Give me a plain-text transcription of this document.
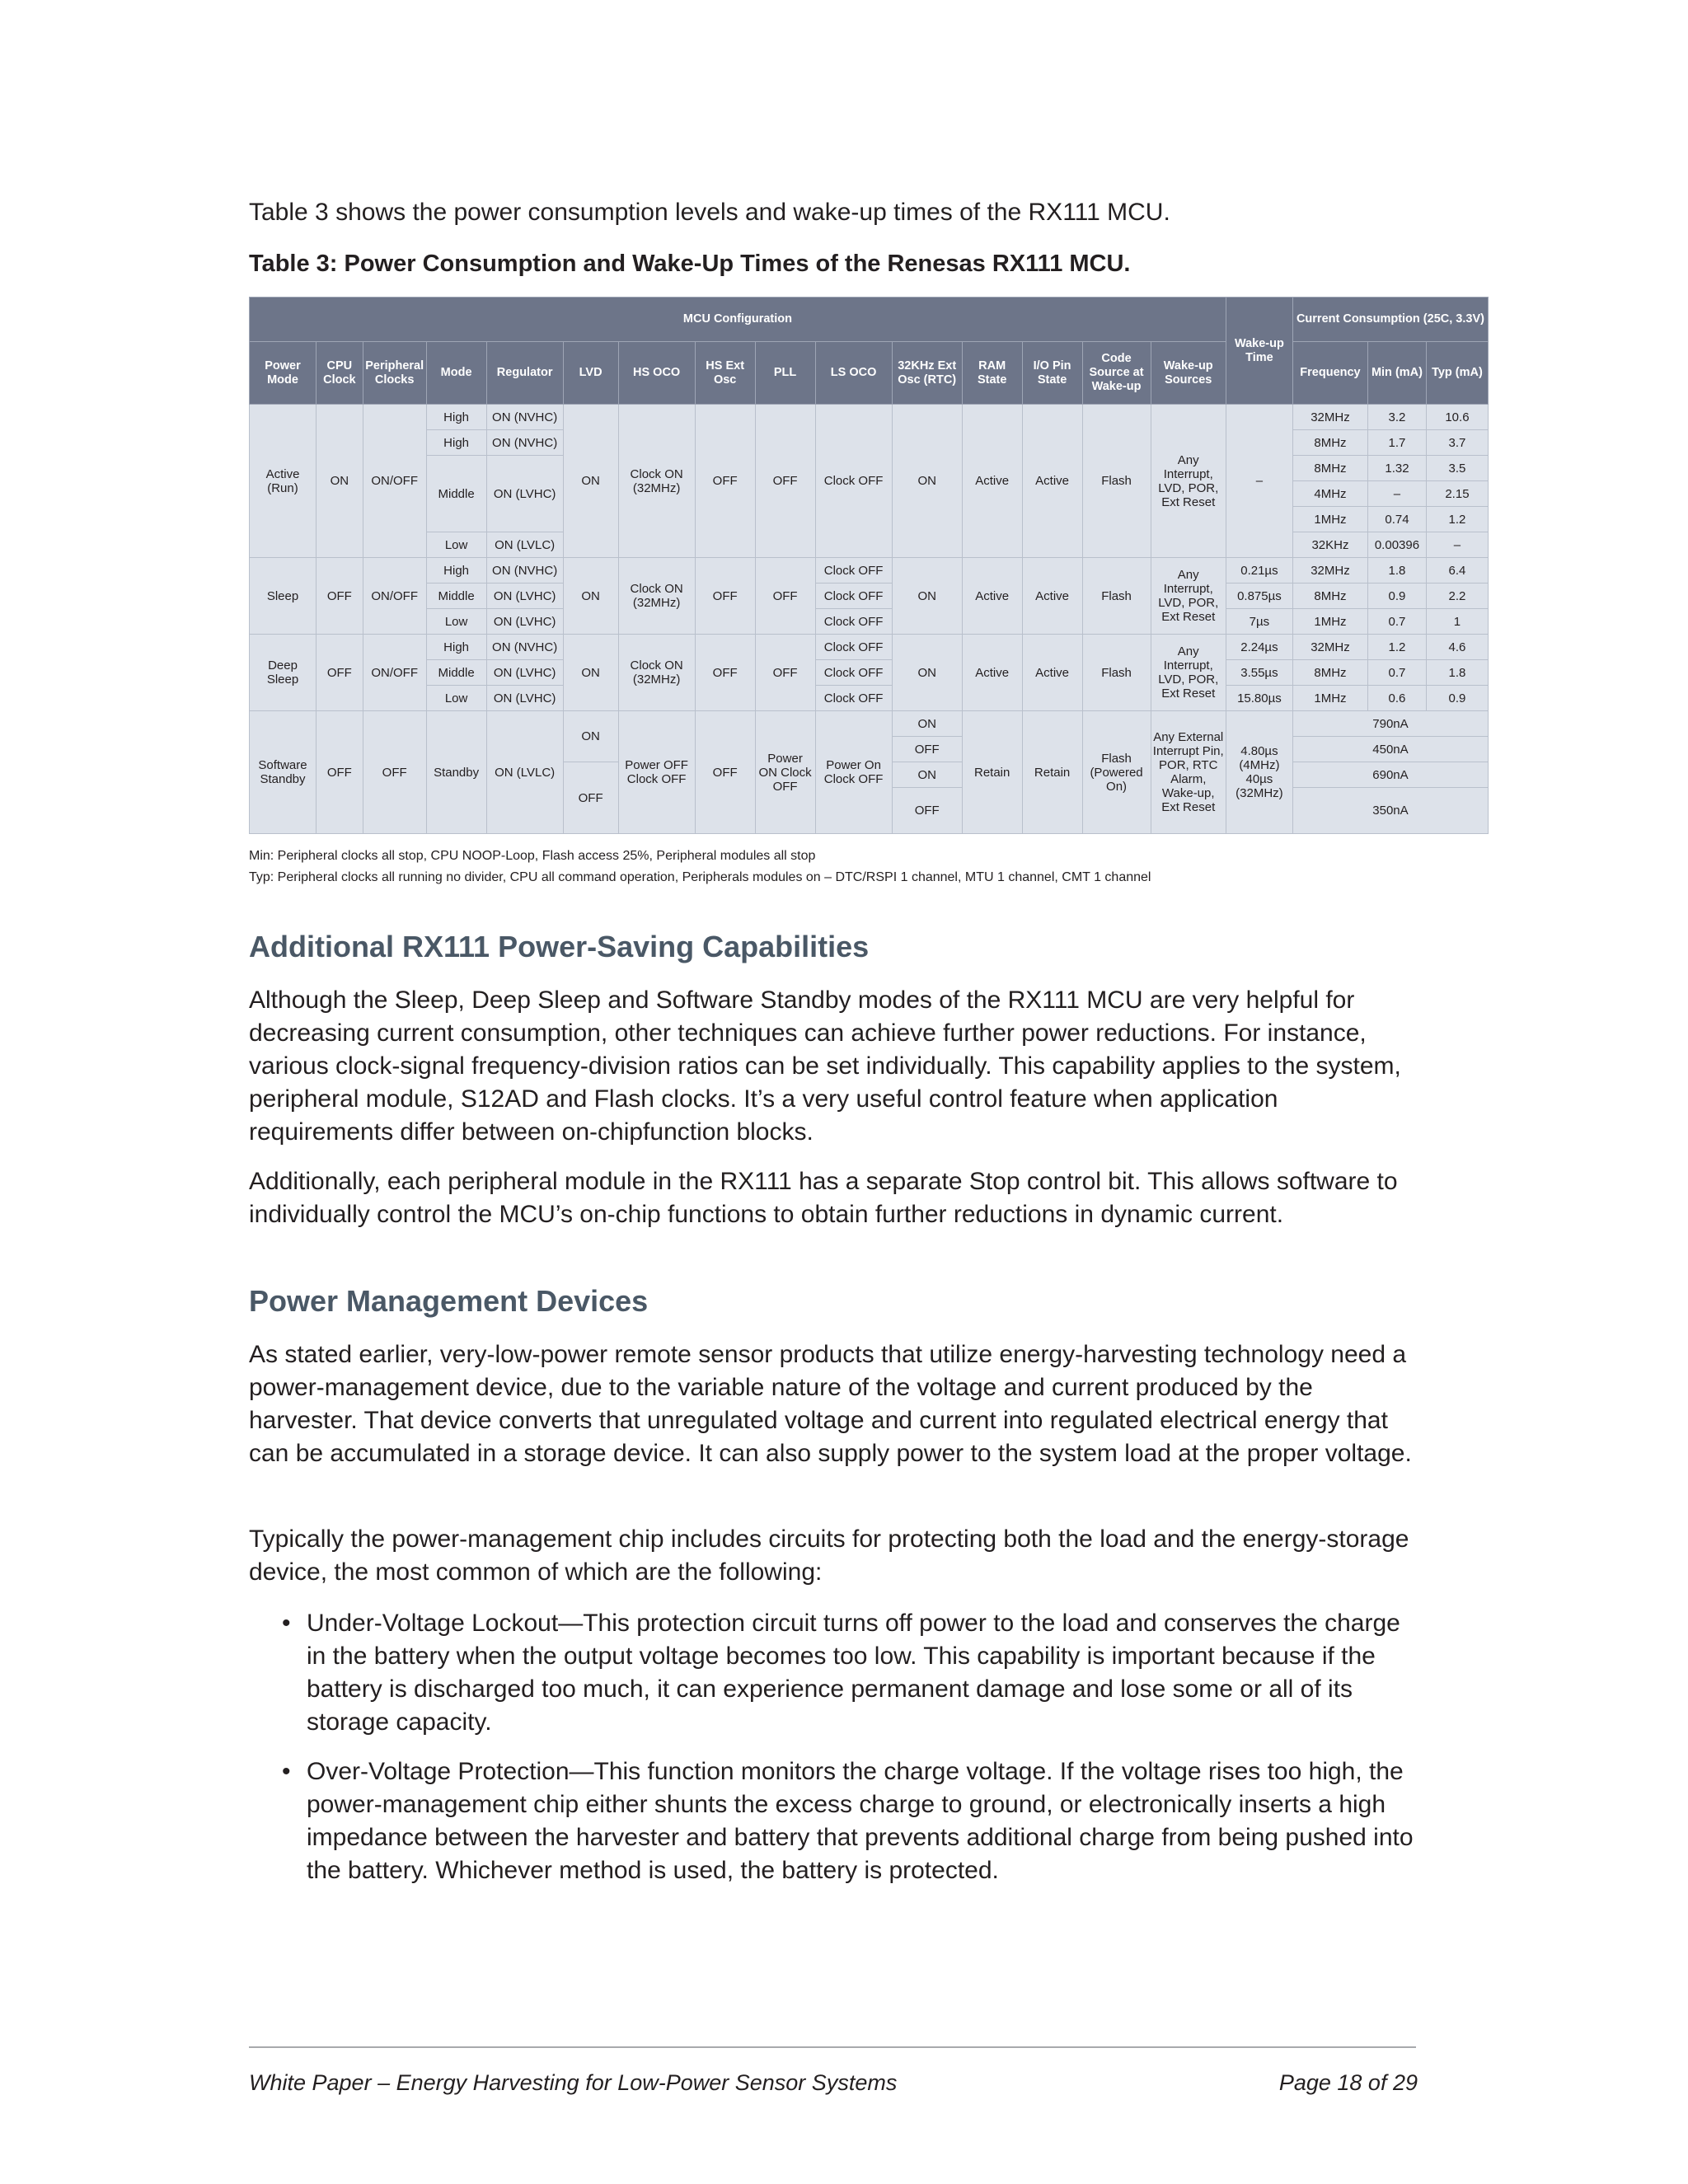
Table 3 shows the power consumption levels and wake-up times of the RX111 MCU.

Table 3: Power Consumption and Wake-Up Times of the Renesas RX111 MCU.

MCU Configuration															Wake-up Time	Current Consumption (25C, 3.3V)		
Power Mode	CPU Clock	Peripheral Clocks	Mode	Regulator	LVD	HS OCO	HS Ext Osc	PLL	LS OCO	32KHz Ext Osc (RTC)	RAM State	I/O Pin State	Code Source at Wake-up	Wake-up Sources		Frequency	Min (mA)	Typ (mA)
Active (Run)	ON	ON/OFF	High	ON (NVHC)	ON	Clock ON (32MHz)	OFF	OFF	Clock OFF	ON	Active	Active	Flash	Any Interrupt, LVD, POR, Ext Reset	–	32MHz	3.2	10.6
			High	ON (NVHC)												8MHz	1.7	3.7
			Middle	ON (LVHC)												8MHz	1.32	3.5
																4MHz	–	2.15
																1MHz	0.74	1.2
			Low	ON (LVLC)												32KHz	0.00396	–
Sleep	OFF	ON/OFF	High	ON (NVHC)	ON	Clock ON (32MHz)	OFF	OFF	Clock OFF	ON	Active	Active	Flash	Any Interrupt, LVD, POR, Ext Reset	0.21µs	32MHz	1.8	6.4
			Middle	ON (LVHC)					Clock OFF						0.875µs	8MHz	0.9	2.2
			Low	ON (LVHC)					Clock OFF						7µs	1MHz	0.7	1
Deep Sleep	OFF	ON/OFF	High	ON (NVHC)	ON	Clock ON (32MHz)	OFF	OFF	Clock OFF	ON	Active	Active	Flash	Any Interrupt, LVD, POR, Ext Reset	2.24µs	32MHz	1.2	4.6
			Middle	ON (LVHC)					Clock OFF						3.55µs	8MHz	0.7	1.8
			Low	ON (LVHC)					Clock OFF						15.80µs	1MHz	0.6	0.9
Software Standby	OFF	OFF	Standby	ON (LVLC)	ON	Power OFF Clock OFF	OFF	Power ON Clock OFF	Power On Clock OFF	ON	Retain	Retain	Flash (Powered On)	Any External Interrupt Pin, POR, RTC Alarm, Wake-up, Ext Reset	4.80µs (4MHz) 40µs (32MHz)	790nA		
										OFF						450nA		
					OFF					ON						690nA		
										OFF						350nA		
Min: Peripheral clocks all stop, CPU NOOP-Loop, Flash access 25%, Peripheral modules all stop
Typ: Peripheral clocks all running no divider, CPU all command operation, Peripherals modules on – DTC/RSPI 1 channel, MTU 1 channel, CMT 1 channel
Additional RX111 Power-Saving Capabilities

Although the Sleep, Deep Sleep and Software Standby modes of the RX111 MCU are very helpful for decreasing current consumption, other techniques can achieve further power reductions. For instance, various clock-signal frequency-division ratios can be set individually. This capability applies to the system, peripheral module, S12AD and Flash clocks. It’s a very useful control feature when application requirements differ between on-chipfunction blocks.

Additionally, each peripheral module in the RX111 has a separate Stop control bit. This allows software to individually control the MCU’s on-chip functions to obtain further reductions in dynamic current.

Power Management Devices

As stated earlier, very-low-power remote sensor products that utilize energy-harvesting technology need a power-management device, due to the variable nature of the voltage and current produced by the harvester. That device converts that unregulated voltage and current into regulated electrical energy that can be accumulated in a storage device. It can also supply power to the system load at the proper voltage.

Typically the power-management chip includes circuits for protecting both the load and the energy-storage device, the most common of which are the following:

• Under-Voltage Lockout—This protection circuit turns off power to the load and conserves the charge in the battery when the output voltage becomes too low. This capability is important because if the battery is discharged too much, it can experience permanent damage and lose some or all of its storage capacity.
• Over-Voltage Protection—This function monitors the charge voltage. If the voltage rises too high, the power-management chip either shunts the excess charge to ground, or electronically inserts a high impedance between the harvester and battery that prevents additional charge from being pushed into the battery. Whichever method is used, the battery is protected.
White Paper – Energy Harvesting for Low-Power Sensor Systems	Page 18 of 29
